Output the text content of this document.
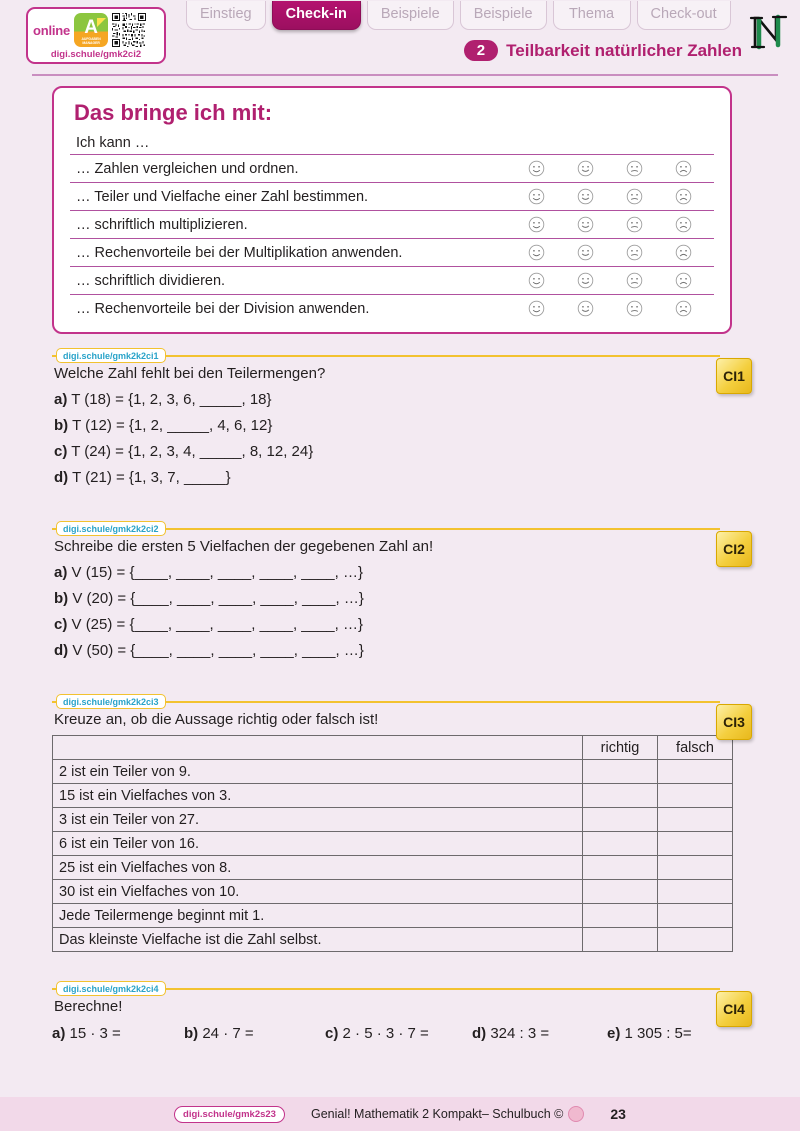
Einstieg	Check-in	Beispiele	Beispiele	Thema	Check-out
online A
AUFGABEN MANAGER
digi.schule/gmk2ci2	2	Teilbarkeit natürlicher Zahlen
Das bringe ich mit:
Ich kann …
… Zahlen vergleichen und ordnen.
… Teiler und Vielfache einer Zahl bestimmen.
… schriftlich multiplizieren.
… Rechenvorteile bei der Multiplikation anwenden.
… schriftlich dividieren.
… Rechenvorteile bei der Division anwenden.
digi.schule/gmk2k2ci1
CI1
Welche Zahl fehlt bei den Teilermengen?
a) T (18) = {1, 2, 3, 6, _____, 18}
b) T (12) = {1, 2, _____, 4, 6, 12}
c) T (24) = {1, 2, 3, 4, _____, 8, 12, 24}
d) T (21) = {1, 3, 7, _____}
digi.schule/gmk2k2ci2
CI2
Schreibe die ersten 5 Vielfachen der gegebenen Zahl an!
a) V (15) = {____, ____, ____, ____, ____, …}
b) V (20) = {____, ____, ____, ____, ____, …}
c) V (25) = {____, ____, ____, ____, ____, …}
d) V (50) = {____, ____, ____, ____, ____, …}
digi.schule/gmk2k2ci3
CI3
Kreuze an, ob die Aussage richtig oder falsch ist!
	richtig	falsch
2 ist ein Teiler von 9.		
15 ist ein Vielfaches von 3.		
3 ist ein Teiler von 27.		
6 ist ein Teiler von 16.		
25 ist ein Vielfaches von 8.		
30 ist ein Vielfaches von 10.		
Jede Teilermenge beginnt mit 1.		
Das kleinste Vielfache ist die Zahl selbst.		
digi.schule/gmk2k2ci4
CI4
Berechne!
a) 15 · 3 =	b) 24 · 7 =	c) 2 · 5 · 3 · 7 =	d) 324 : 3 =	e) 1 305 : 5=
digi.schule/gmk2s23	Genial! Mathematik 2 Kompakt– Schulbuch ©	23
